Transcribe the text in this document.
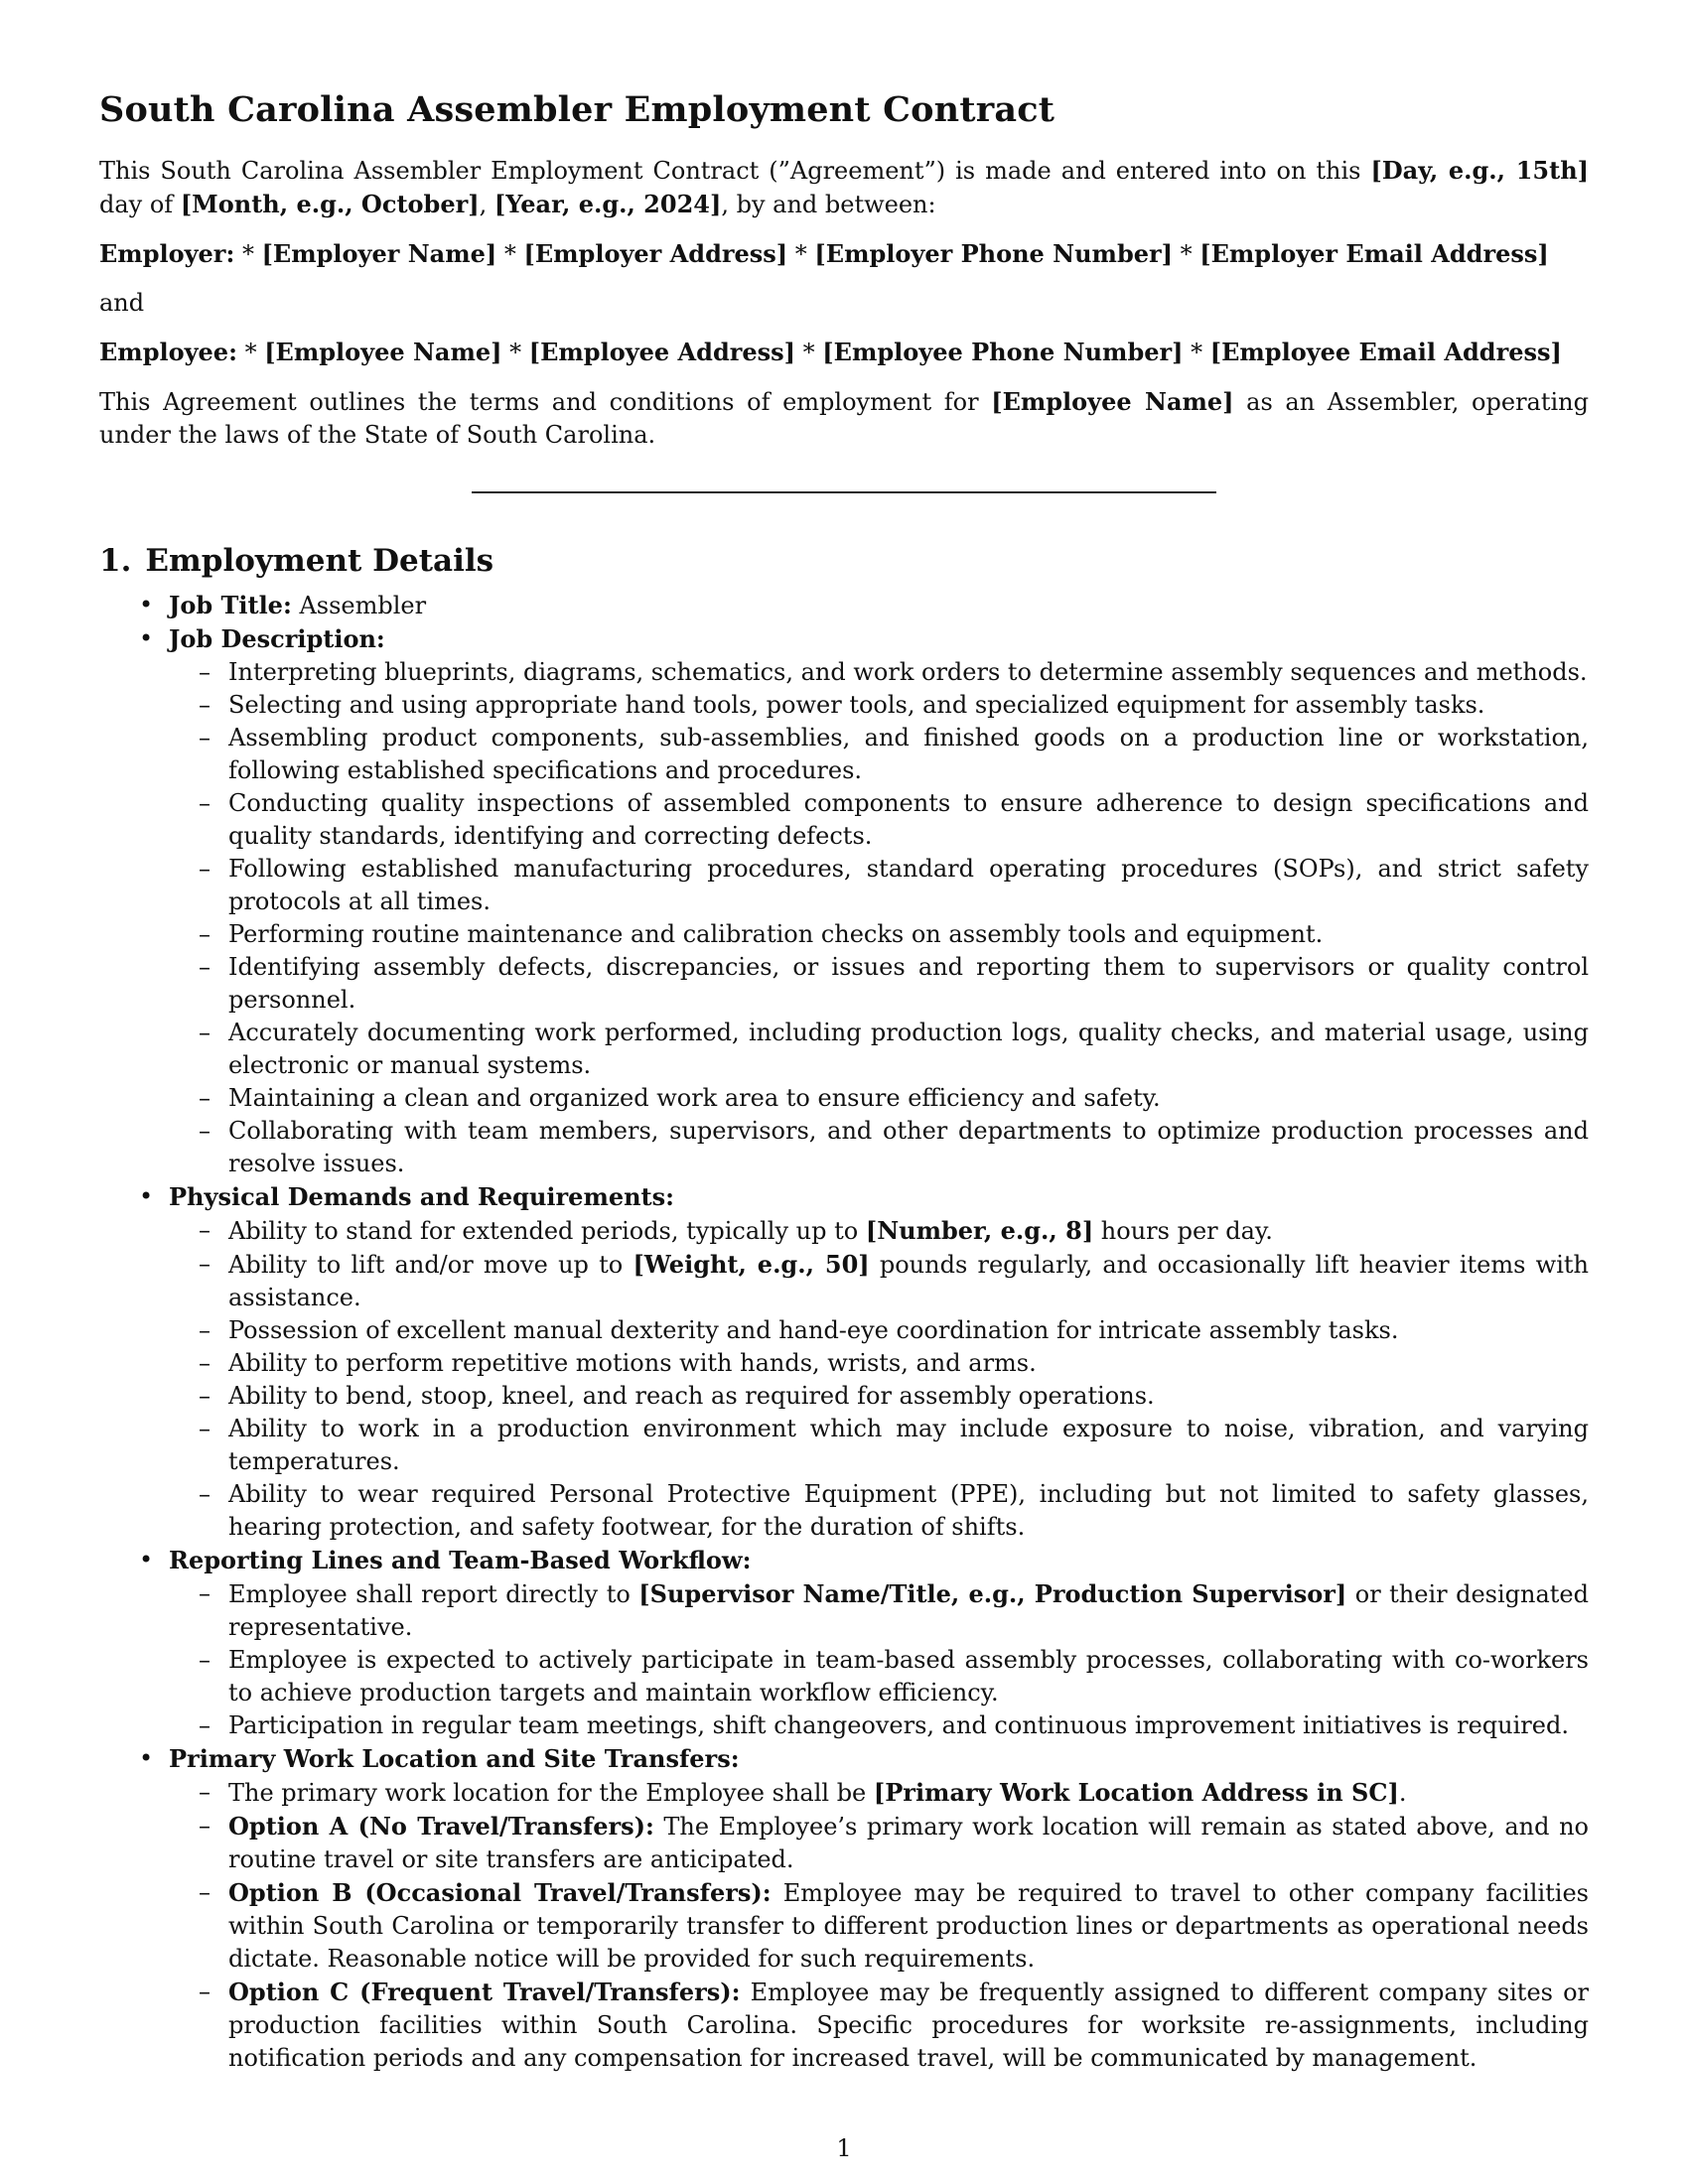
South Carolina Assembler Employment Contract

This South Carolina Assembler Employment Contract (”Agreement”) is made and entered into on this [Day, e.g., 15th] day of [Month, e.g., October], [Year, e.g., 2024], by and between:

Employer: * [Employer Name] * [Employer Address] * [Employer Phone Number] * [Employer Email Address]

and

Employee: * [Employee Name] * [Employee Address] * [Employee Phone Number] * [Employee Email Address]

This Agreement outlines the terms and conditions of employment for [Employee Name] as an Assembler, operating under the laws of the State of South Carolina.

1. Employment Details
• Job Title: Assembler
• Job Description:
– Interpreting blueprints, diagrams, schematics, and work orders to determine assembly sequences and methods.
– Selecting and using appropriate hand tools, power tools, and specialized equipment for assembly tasks.
– Assembling product components, sub-assemblies, and finished goods on a production line or workstation, following established specifications and procedures.
– Conducting quality inspections of assembled components to ensure adherence to design specifications and quality standards, identifying and correcting defects.
– Following established manufacturing procedures, standard operating procedures (SOPs), and strict safety protocols at all times.
– Performing routine maintenance and calibration checks on assembly tools and equipment.
– Identifying assembly defects, discrepancies, or issues and reporting them to supervisors or quality control personnel.
– Accurately documenting work performed, including production logs, quality checks, and material usage, using electronic or manual systems.
– Maintaining a clean and organized work area to ensure efficiency and safety.
– Collaborating with team members, supervisors, and other departments to optimize production processes and resolve issues.
• Physical Demands and Requirements:
– Ability to stand for extended periods, typically up to [Number, e.g., 8] hours per day.
– Ability to lift and/or move up to [Weight, e.g., 50] pounds regularly, and occasionally lift heavier items with assistance.
– Possession of excellent manual dexterity and hand-eye coordination for intricate assembly tasks.
– Ability to perform repetitive motions with hands, wrists, and arms.
– Ability to bend, stoop, kneel, and reach as required for assembly operations.
– Ability to work in a production environment which may include exposure to noise, vibration, and varying temperatures.
– Ability to wear required Personal Protective Equipment (PPE), including but not limited to safety glasses, hearing protection, and safety footwear, for the duration of shifts.
• Reporting Lines and Team-Based Workflow:
– Employee shall report directly to [Supervisor Name/Title, e.g., Production Supervisor] or their designated representative.
– Employee is expected to actively participate in team-based assembly processes, collaborating with co-workers to achieve production targets and maintain workflow efficiency.
– Participation in regular team meetings, shift changeovers, and continuous improvement initiatives is required.
• Primary Work Location and Site Transfers:
– The primary work location for the Employee shall be [Primary Work Location Address in SC].
– Option A (No Travel/Transfers): The Employee’s primary work location will remain as stated above, and no routine travel or site transfers are anticipated.
– Option B (Occasional Travel/Transfers): Employee may be required to travel to other company facilities within South Carolina or temporarily transfer to different production lines or departments as operational needs dictate. Reasonable notice will be provided for such requirements.
– Option C (Frequent Travel/Transfers): Employee may be frequently assigned to different company sites or production facilities within South Carolina. Specific procedures for worksite re-assignments, including notification periods and any compensation for increased travel, will be communicated by management.
1
